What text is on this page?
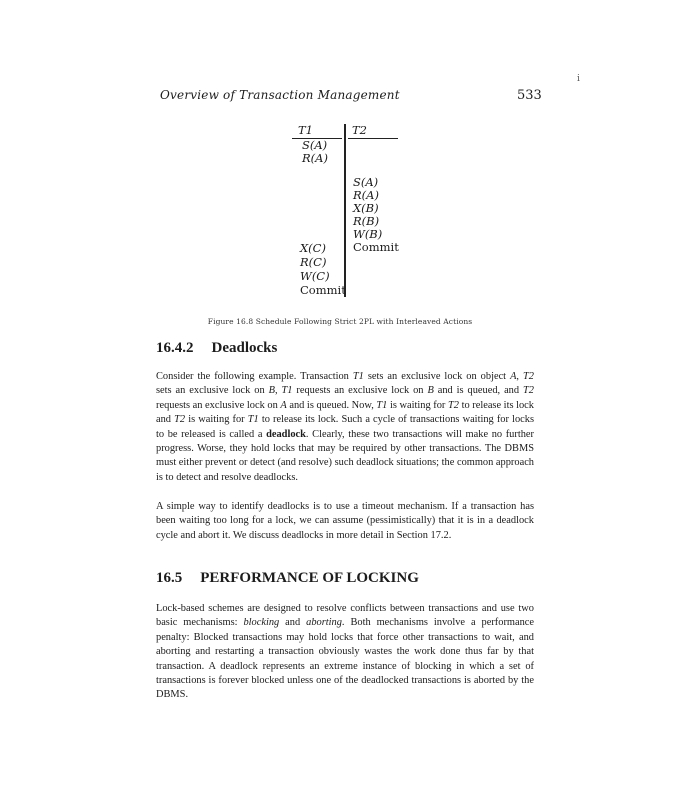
i
Overview of Transaction Management	533
T1	T2
S(A)
R(A)
S(A)
R(A)
X(B)
R(B)
W(B)
Commit
X(C)
R(C)
W(C)
Commit
Figure 16.8 Schedule Following Strict 2PL with Interleaved Actions
16.4.2 Deadlocks
Consider the following example. Transaction T1 sets an exclusive lock on object A, T2 sets an exclusive lock on B, T1 requests an exclusive lock on B and is queued, and T2 requests an exclusive lock on A and is queued. Now, T1 is waiting for T2 to release its lock and T2 is waiting for T1 to release its lock. Such a cycle of transactions waiting for locks to be released is called a deadlock. Clearly, these two transactions will make no further progress. Worse, they hold locks that may be required by other transactions. The DBMS must either prevent or detect (and resolve) such deadlock situations; the common approach is to detect and resolve deadlocks.
A simple way to identify deadlocks is to use a timeout mechanism. If a transaction has been waiting too long for a lock, we can assume (pessimistically) that it is in a deadlock cycle and abort it. We discuss deadlocks in more detail in Section 17.2.
16.5 PERFORMANCE OF LOCKING
Lock-based schemes are designed to resolve conflicts between transactions and use two basic mechanisms: blocking and aborting. Both mechanisms involve a performance penalty: Blocked transactions may hold locks that force other transactions to wait, and aborting and restarting a transaction obviously wastes the work done thus far by that transaction. A deadlock represents an extreme instance of blocking in which a set of transactions is forever blocked unless one of the deadlocked transactions is aborted by the DBMS.
